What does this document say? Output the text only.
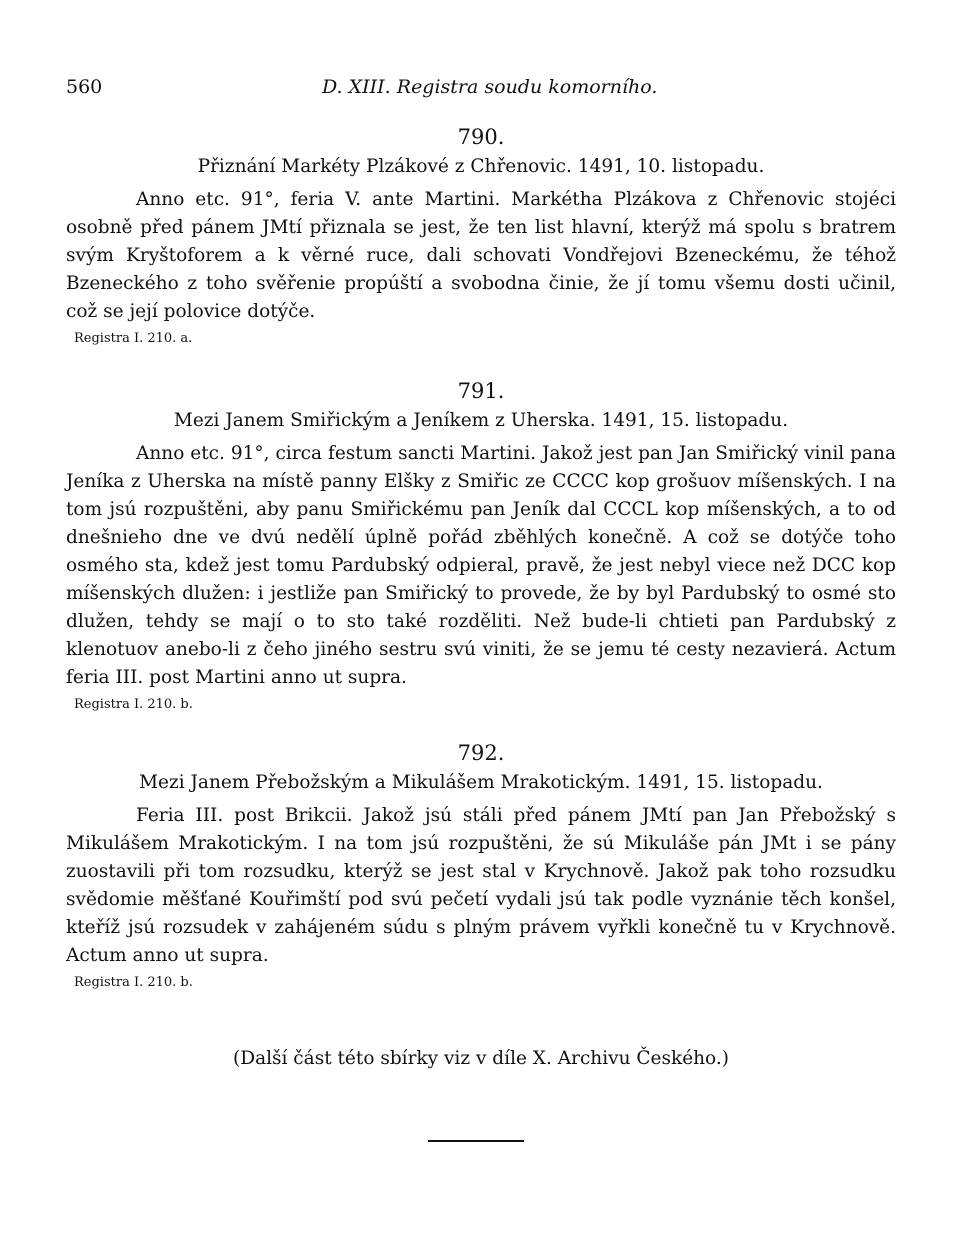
560	D. XIII. Registra soudu komorního.
790.
Přiznání Markéty Plzákové z Chřenovic. 1491, 10. listopadu.

Anno etc. 91°, feria V. ante Martini. Markétha Plzákova z Chřenovic stojéci osobně před pánem JMtí přiznala se jest, že ten list hlavní, kterýž má spolu s bratrem svým Kryštoforem a k věrné ruce, dali schovati Vondřejovi Bzeneckému, že téhož Bzeneckého z toho svěřenie propúští a svobodna činie, že jí tomu všemu dosti učinil, což se její polovice dotýče.

Registra I. 210. a.
791.
Mezi Janem Smiřickým a Jeníkem z Uherska. 1491, 15. listopadu.

Anno etc. 91°, circa festum sancti Martini. Jakož jest pan Jan Smiřický vinil pana Jeníka z Uherska na místě panny Elšky z Smiřic ze CCCC kop grošuov míšenských. I na tom jsú rozpuštěni, aby panu Smiřickému pan Jeník dal CCCL kop míšenských, a to od dnešnieho dne ve dvú nedělí úplně pořád zběhlých konečně. A což se dotýče toho osmého sta, kdež jest tomu Pardubský odpieral, pravě, že jest nebyl viece než DCC kop míšenských dlužen: i jestliže pan Smiřický to provede, že by byl Pardubský to osmé sto dlužen, tehdy se mají o to sto také rozděliti. Než bude-li chtieti pan Pardubský z klenotuov anebo-li z čeho jiného sestru svú viniti, že se jemu té cesty nezavierá. Actum feria III. post Martini anno ut supra.

Registra I. 210. b.
792.
Mezi Janem Přebožským a Mikulášem Mrakotickým. 1491, 15. listopadu.

Feria III. post Brikcii. Jakož jsú stáli před pánem JMtí pan Jan Přebožský s Mikulášem Mrakotickým. I na tom jsú rozpuštěni, že sú Mikuláše pán JMt i se pány zuostavili při tom rozsudku, kterýž se jest stal v Krychnově. Jakož pak toho rozsudku svědomie měšťané Kouřimští pod svú pečetí vydali jsú tak podle vyznánie těch konšel, kteříž jsú rozsudek v zahájeném súdu s plným právem vyřkli konečně tu v Krychnově. Actum anno ut supra.

Registra I. 210. b.
(Další část této sbírky viz v díle X. Archivu Českého.)
